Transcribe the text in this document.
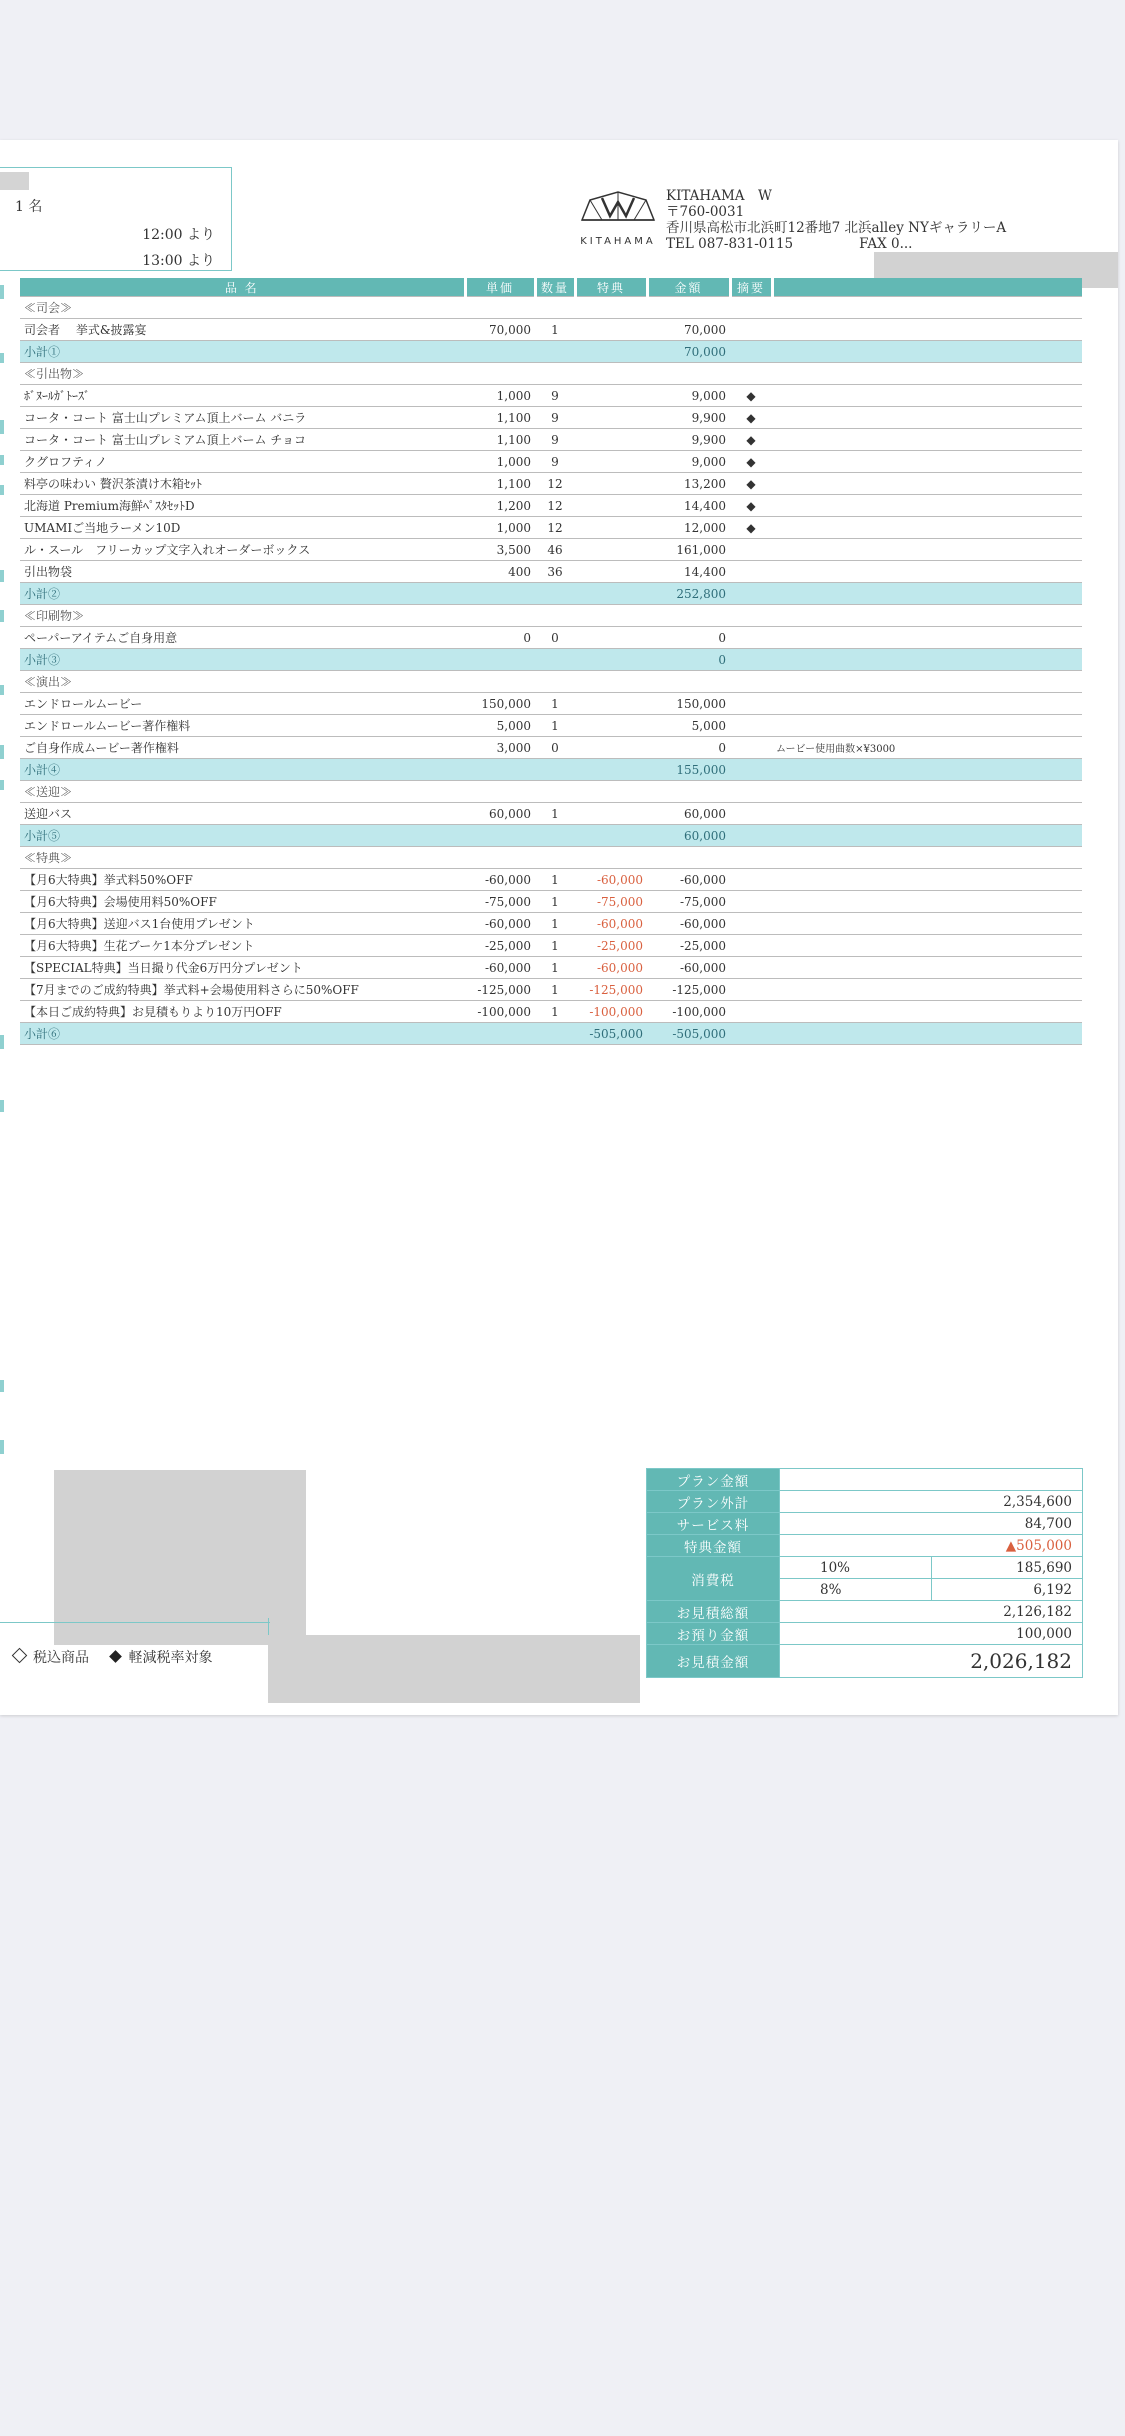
1 名
12:00 より
13:00 より
KITAHAMA
KITAHAMA　W
〒760-0031
香川県高松市北浜町12番地7 北浜alley NYギャラリーA
TEL 087-831-0115	FAX 0...
品 名	単価	数量	特典	金額	摘要	
≪司会≫						
司会者　 挙式&披露宴	70,000	1		70,000		
小計①				70,000		
≪引出物≫						
ﾎﾞﾇｰﾙｶﾞﾄｰｽﾞ	1,000	9		9,000	◆	
コータ・コート 富士山プレミアム頂上バーム バニラ	1,100	9		9,900	◆	
コータ・コート 富士山プレミアム頂上バーム チョコ	1,100	9		9,900	◆	
クグロフティノ	1,000	9		9,000	◆	
料亭の味わい 贅沢茶漬け木箱ｾｯﾄ	1,100	12		13,200	◆	
北海道 Premium海鮮ﾍﾟｽﾀｾｯﾄD	1,200	12		14,400	◆	
UMAMIご当地ラーメン10D	1,000	12		12,000	◆	
ル・スール　フリーカップ文字入れオーダーボックス	3,500	46		161,000		
引出物袋	400	36		14,400		
小計②				252,800		
≪印刷物≫						
ペーパーアイテムご自身用意	0	0		0		
小計③				0		
≪演出≫						
エンドロールムービー	150,000	1		150,000		
エンドロールムービー著作権料	5,000	1		5,000		
ご自身作成ムービー著作権料	3,000	0		0		ムービー使用曲数×¥3000
小計④				155,000		
≪送迎≫						
送迎バス	60,000	1		60,000		
小計⑤				60,000		
≪特典≫						
【月6大特典】挙式料50%OFF	-60,000	1	-60,000	-60,000		
【月6大特典】会場使用料50%OFF	-75,000	1	-75,000	-75,000		
【月6大特典】送迎バス1台使用プレゼント	-60,000	1	-60,000	-60,000		
【月6大特典】生花ブーケ1本分プレゼント	-25,000	1	-25,000	-25,000		
【SPECIAL特典】当日撮り代金6万円分プレゼント	-60,000	1	-60,000	-60,000		
【7月までのご成約特典】挙式料+会場使用料さらに50%OFF	-125,000	1	-125,000	-125,000		
【本日ご成約特典】お見積もりより10万円OFF	-100,000	1	-100,000	-100,000		
小計⑥			-505,000	-505,000		
税込商品	軽減税率対象
プラン金額		
プラン外計	2,354,600	
サービス料	84,700	
特典金額	▲505,000	
消費税	10%	185,690
	8%	6,192
お見積総額	2,126,182	
お預り金額	100,000	
お見積金額	2,026,182	
